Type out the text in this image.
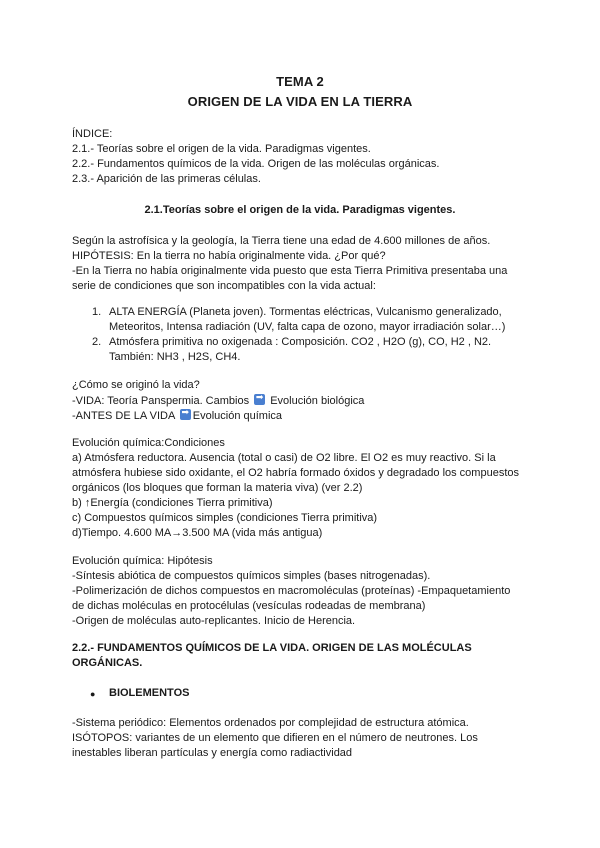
TEMA 2
ORIGEN DE LA VIDA EN LA TIERRA
ÍNDICE:
2.1.- Teorías sobre el origen de la vida. Paradigmas vigentes.
2.2.- Fundamentos químicos de la vida. Origen de las moléculas orgánicas.
2.3.- Aparición de las primeras células.
2.1.Teorías sobre el origen de la vida. Paradigmas vigentes.
Según la astrofísica y la geología, la Tierra tiene una edad de 4.600 millones de años.
HIPÓTESIS: En la tierra no había originalmente vida. ¿Por qué?
-En la Tierra no había originalmente vida puesto que esta Tierra Primitiva presentaba una
serie de condiciones que son incompatibles con la vida actual:
1. ALTA ENERGÍA (Planeta joven). Tormentas eléctricas, Vulcanismo generalizado,
Meteoritos, Intensa radiación (UV, falta capa de ozono, mayor irradiación solar…)
2. Atmósfera primitiva no oxigenada : Composición. CO2 , H2O (g), CO, H2 , N2.
También: NH3 , H2S, CH4.
¿Cómo se originó la vida?
-VIDA: Teoría Panspermia. Cambios ➡ Evolución biológica
-ANTES DE LA VIDA ➡ Evolución química
Evolución química:Condiciones
a) Atmósfera reductora. Ausencia (total o casi) de O2 libre. El O2 es muy reactivo. Si la
atmósfera hubiese sido oxidante, el O2 habría formado óxidos y degradado los compuestos
orgánicos (los bloques que forman la materia viva) (ver 2.2)
b) ↑Energía (condiciones Tierra primitiva)
c) Compuestos químicos simples (condiciones Tierra primitiva)
d)Tiempo. 4.600 MA→3.500 MA (vida más antigua)
Evolución química: Hipótesis
-Síntesis abiótica de compuestos químicos simples (bases nitrogenadas).
-Polimerización de dichos compuestos en macromoléculas (proteínas) -Empaquetamiento
de dichas moléculas en protocélulas (vesículas rodeadas de membrana)
-Origen de moléculas auto-replicantes. Inicio de Herencia.
2.2.- FUNDAMENTOS QUÍMICOS DE LA VIDA. ORIGEN DE LAS MOLÉCULAS
ORGÁNICAS.
● BIOLEMENTOS
-Sistema periódico: Elementos ordenados por complejidad de estructura atómica.
ISÓTOPOS: variantes de un elemento que difieren en el número de neutrones. Los
inestables liberan partículas y energía como radiactividad
